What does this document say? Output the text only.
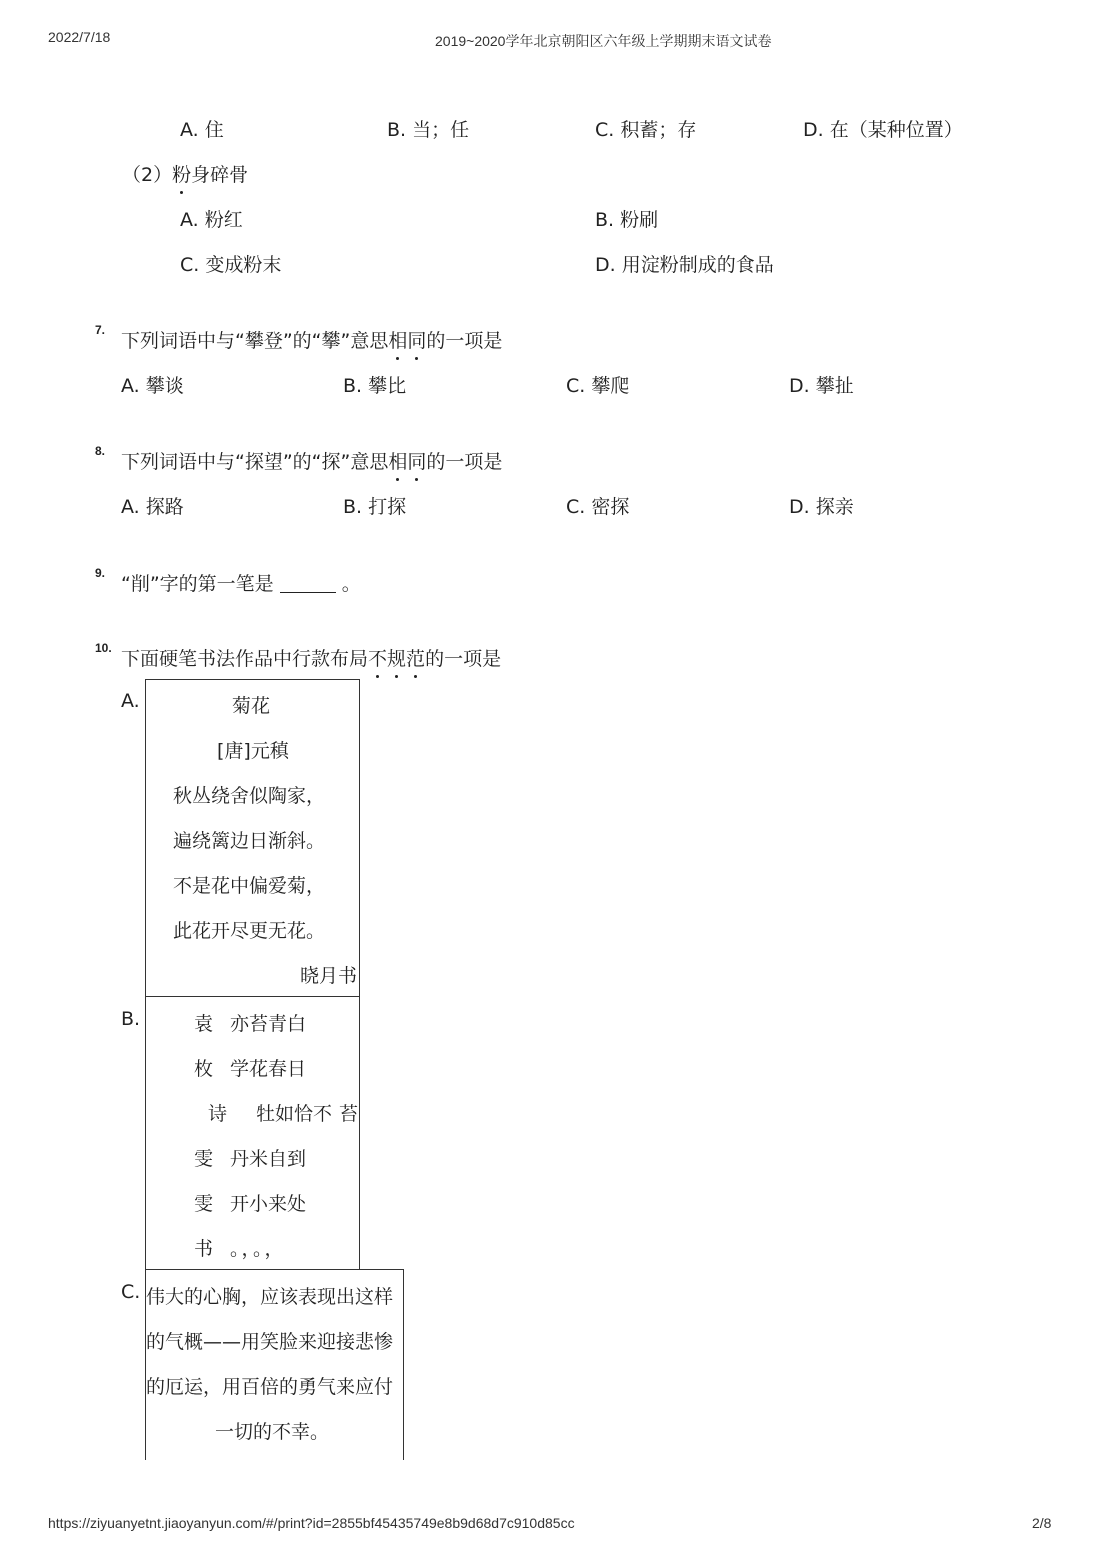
2022/7/18	2019~2020学年北京朝阳区六年级上学期期末语文试卷
A. 住	B. 当；任	C. 积蓄；存	D. 在（某种位置）
（2）粉身碎骨
A. 粉红	B. 粉刷
C. 变成粉末	D. 用淀粉制成的食品
7. 下列词语中与“攀登”的“攀”意思相同的一项是
A. 攀谈	B. 攀比	C. 攀爬	D. 攀扯
8. 下列词语中与“探望”的“探”意思相同的一项是
A. 探路	B. 打探	C. 密探	D. 探亲
9. “削”字的第一笔是	。
10. 下面硬笔书法作品中行款布局不规范的一项是
A.	菊花
[唐]元稹
秋丛绕舍似陶家，
遍绕篱边日渐斜。
不是花中偏爱菊，
此花开尽更无花。
晓月书
B.	袁 亦苔青白
枚 学花春日
诗 牡如恰不 苔
雯 丹米自到
雯 开小来处
书 。，。，
C. 伟大的心胸，应该表现出这样
的气概——用笑脸来迎接悲惨
的厄运，用百倍的勇气来应付
一切的不幸。
https://ziyuanyetnt.jiaoyanyun.com/#/print?id=2855bf45435749e8b9d68d7c910d85cc	2/8
